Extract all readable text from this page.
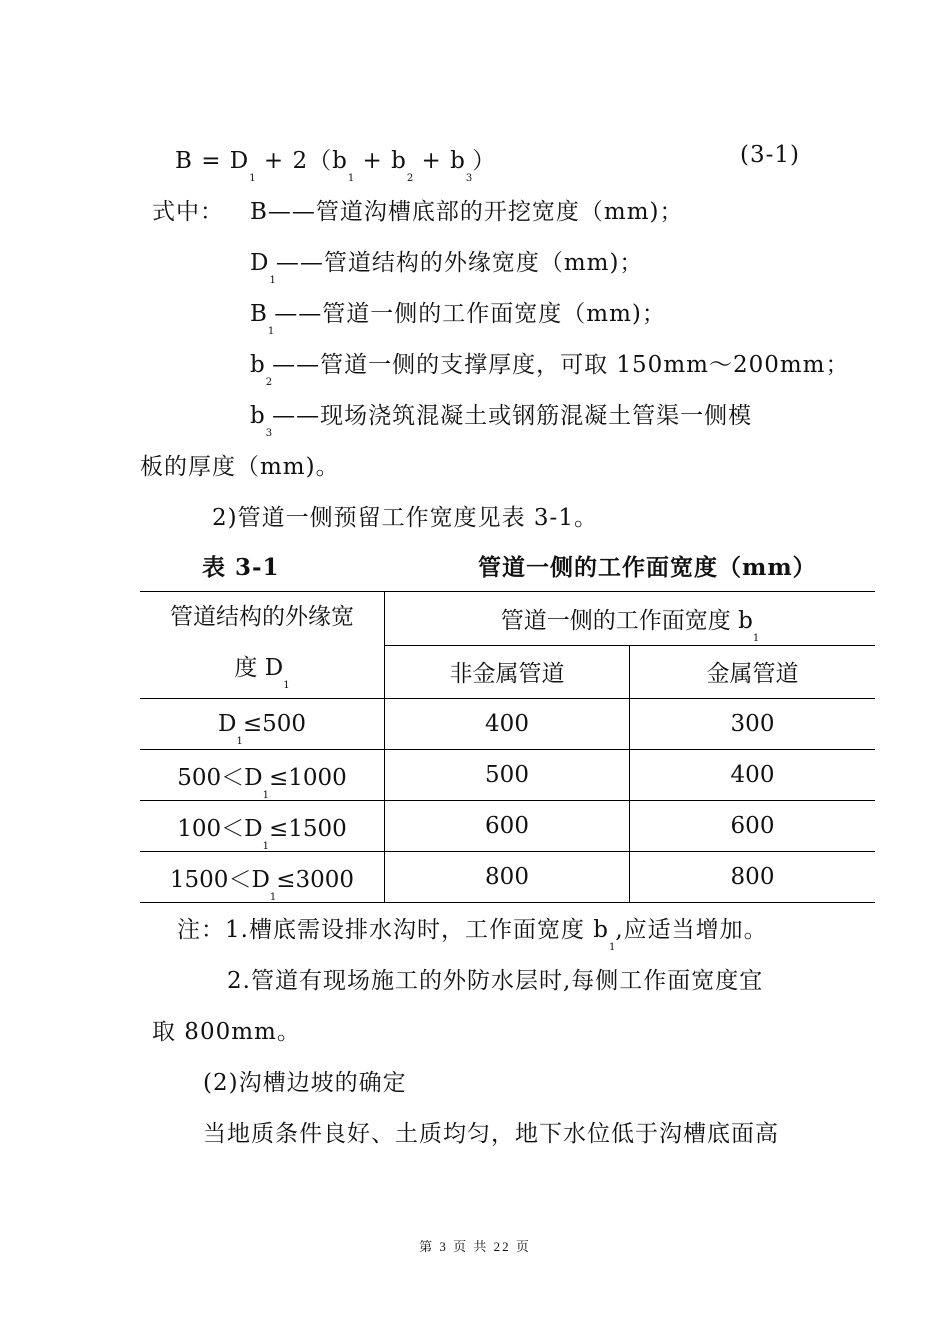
$B = D_1 + 2(b_1 + b_2 + b_3)$	(3-1)
式中： B——管道沟槽底部的开挖宽度（mm)；
$D_1——$管道结构的外缘宽度（mm)；
$B_1——$管道一侧的工作面宽度（mm)；
$b_2——$管道一侧的支撑厚度，可取 150mm～200mm；
$b_3——$现场浇筑混凝土或钢筋混凝土管渠一侧模
板的厚度（mm)。
2)管道一侧预留工作宽度见表 3-1。
表 3-1	管道一侧的工作面宽度（mm）
管道结构的外缘宽
度 $D_1$	管道一侧的工作面宽度 $b_1$
	非金属管道	金属管道
$D_1\le 500$	400	300
$500<D_1\le 1000$	500	400
$100<D_1\le 1500$	600	600
$1500<D_1\le 3000$	800	800
注：1.槽底需设排水沟时，工作面宽度 $b_1$,应适当增加。
2.管道有现场施工的外防水层时,每侧工作面宽度宜
取 800mm。
(2)沟槽边坡的确定
当地质条件良好、土质均匀，地下水位低于沟槽底面高
第 3 页 共 22 页
